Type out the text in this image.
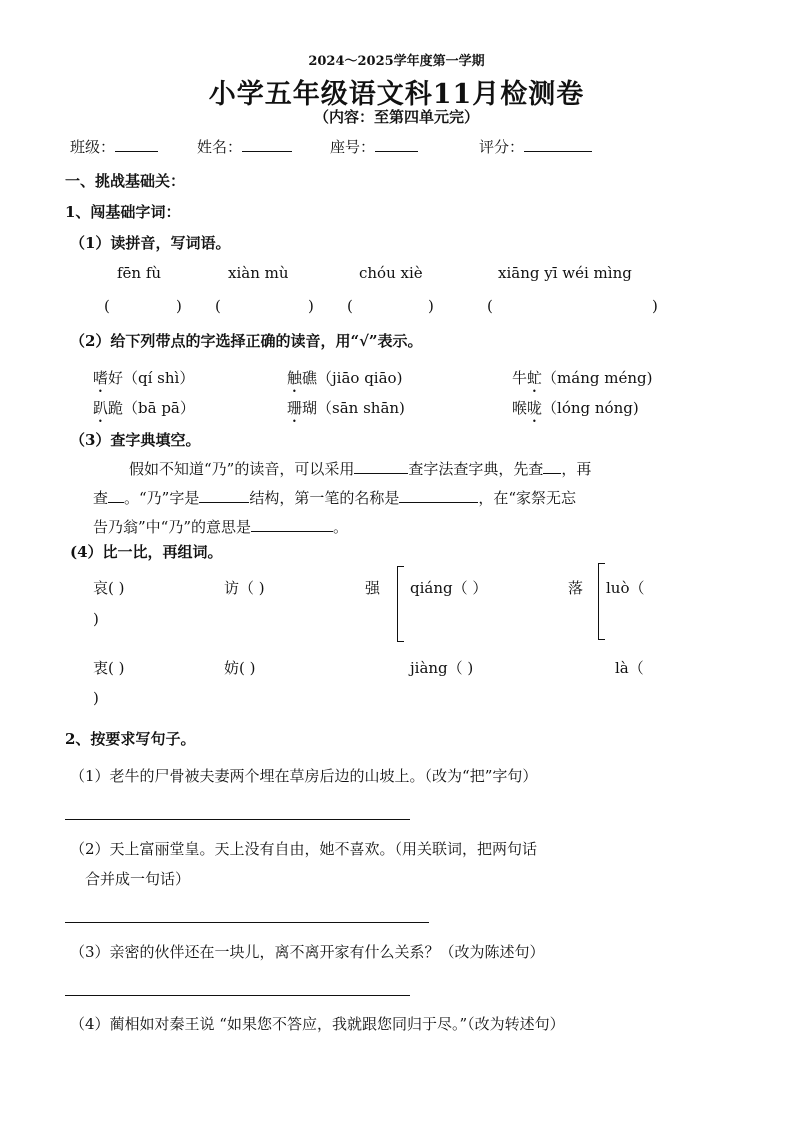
2024～2025学年度第一学期
小学五年级语文科11月检测卷
（内容：至第四单元完）
班级：	姓名：	座号：	评分：
一、挑战基础关：
1、闯基础字词：
（1）读拼音，写词语。
fēn fù	xiàn mù	chóu xiè	xiāng yī wéi mìng
(	) (	) (	)	(	)
（2）给下列带点的字选择正确的读音，用“√”表示。
嗜好（qí shì）	触礁（jiāo qiāo)	牛虻（máng méng)
趴跪（bā pā）	珊瑚（sān shān)	喉咙（lóng nóng)
（3）查字典填空。
假如不知道“乃”的读音，可以采用	查字法查字典，先查 ，再
查 。“乃”字是	结构，第一笔的名称是	，在“家祭无忘
告乃翁”中“乃”的意思是	。
(4）比一比，再组词。
哀( )	访（ )	强 qiáng（ ）	落 luò（
)
衷( )	妨( )	jiàng（ )	là（
)
2、按要求写句子。
（1）老牛的尸骨被夫妻两个埋在草房后边的山坡上。（改为“把”字句）
（2）天上富丽堂皇。天上没有自由，她不喜欢。（用关联词，把两句话
合并成一句话）
（3）亲密的伙伴还在一块儿，离不离开家有什么关系？（改为陈述句）
（4）蔺相如对秦王说 “如果您不答应，我就跟您同归于尽。”（改为转述句）
